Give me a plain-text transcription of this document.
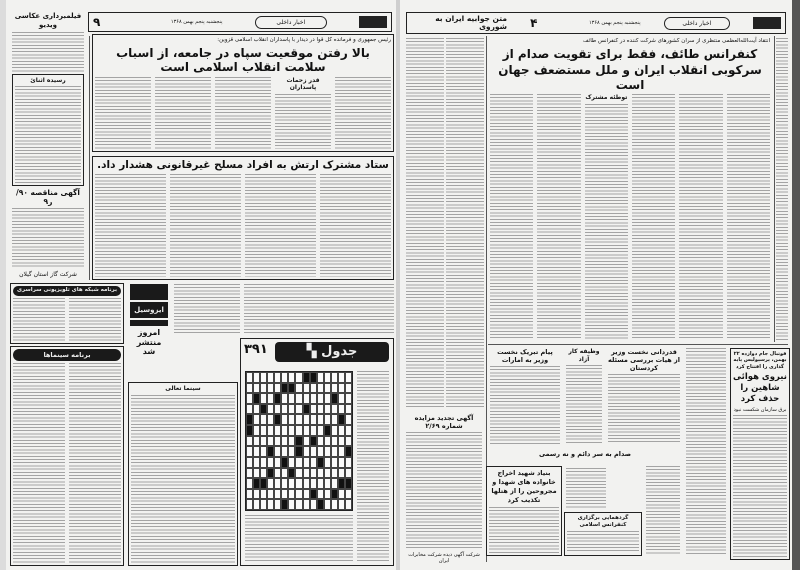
اخبار داخلی
پنجشنبه پنجم بهمن ۱۳۶۸
۹
فیلمبرداری عکاسی ویدیو
رسیده اثنائ
آگهی مناقصه ۹۰/ر۹
شرکت گاز استان گیلان
رئیس جمهوری و فرمانده کل قوا در دیدار با پاسداران انقلاب اسلامی قزوین:
بالا رفتن موقعیت سپاه در جامعه، از اسباب سلامت انقلاب اسلامی است
قدر زحمات پاسداران
ستاد مشترک ارتش به افراد مسلح غیرقانونی هشدار داد.
برنامه شبکه های تلویزیونی سراسری
برنامه سینماها
ایزوسیل
امروز منتشر شد
سینما تعالی
۳۹۱	جدول ▚
اخبار داخلی
پنجشنبه پنجم بهمن ۱۳۶۸
۴
متن جوابیه ایران به شوروی
انتقاد آیت‌الله‌العظمی منتظری از سران کشورهای شرکت کننده در کنفرانس طائف
کنفرانس طائف، فقط برای تقویت صدام از
سرکوبی انقلاب ایران و ملل مستضعف جهان است
توطئه مشترک
پیام تبریک نخست وزیر به امارات
وظیفه کار آزاد
قدردانی نخست وزیر از هیات بررسی مسئله کردستان
آگهی تجدید مزایده شماره ۲/۶۹
شرکت آگهی دیده شرکت مخابرات ایران
صدام به سر دائم و نه رسمی
بنیاد شهید اخراج خانواده های شهدا و مجروحین را از هتلها تکذیب کرد
گردهمایی برگزاری کنفرانس اسلامی
فوتبال جام دوازده ۲۲ بهمن، پرسپولیس پایه گذاری را افتتاح کرد
نیروی هوائی شاهین را حذف کرد
برق سازمان شکست نبود
